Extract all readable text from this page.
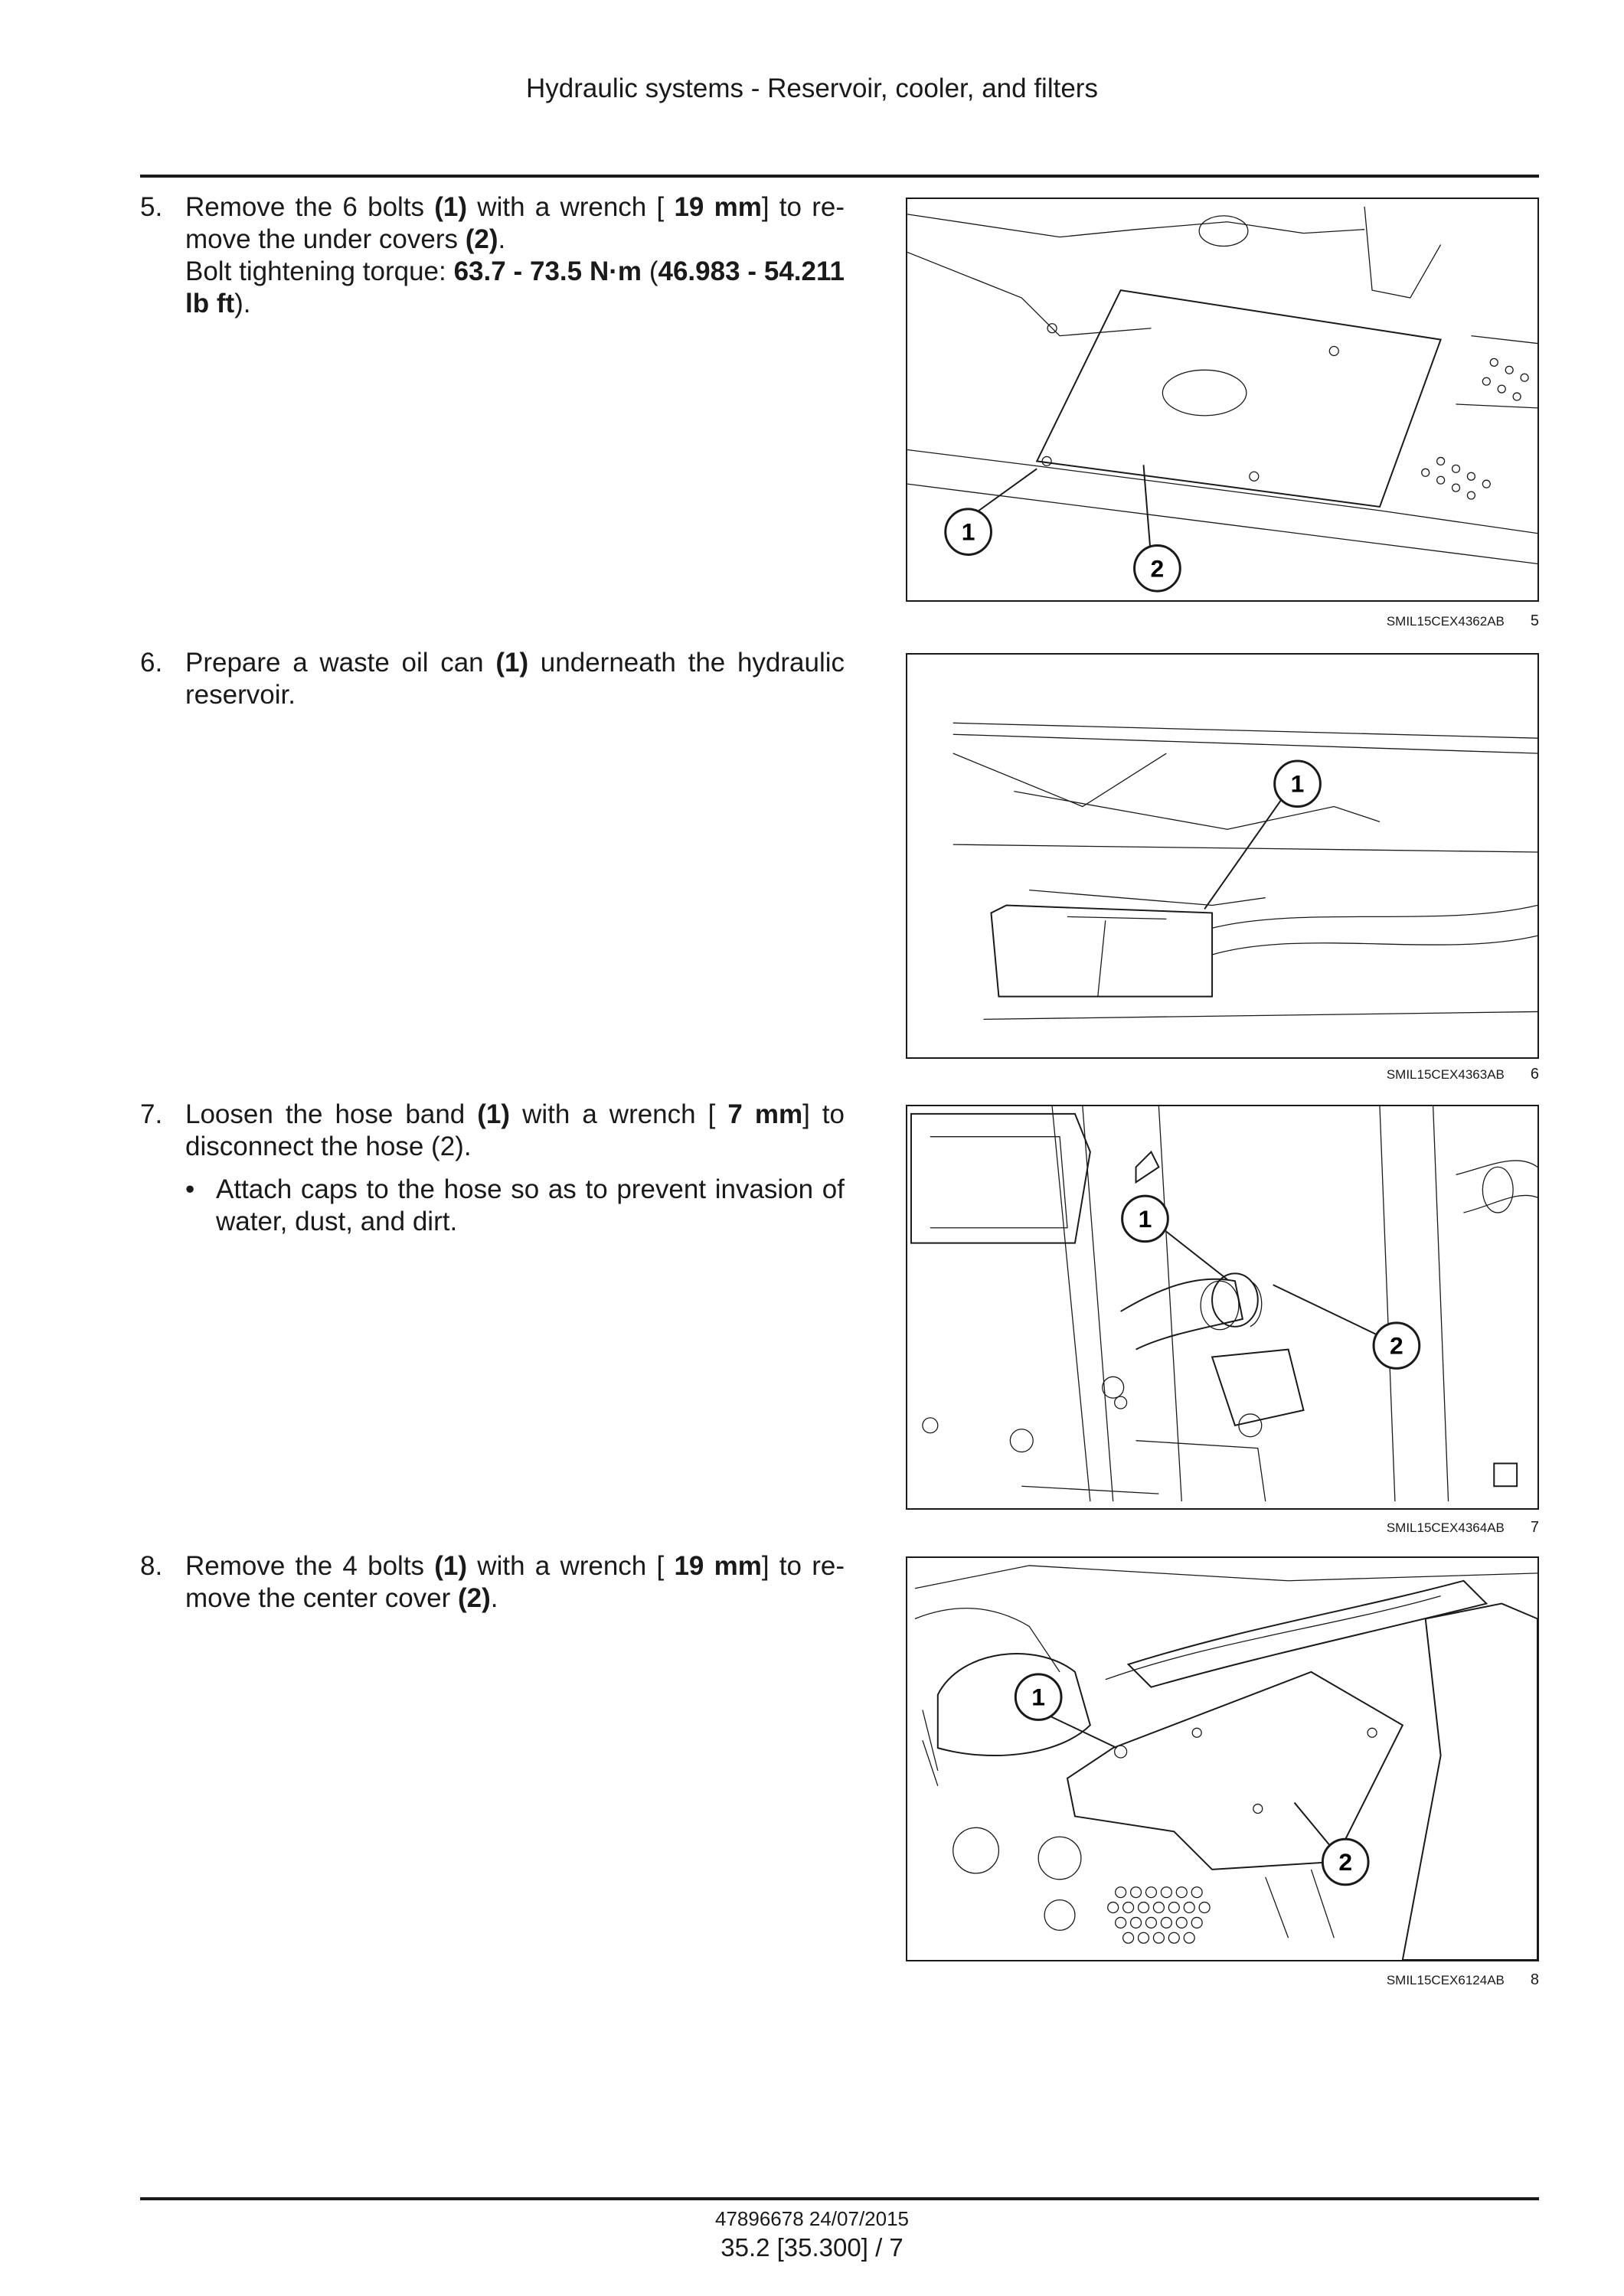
Hydraulic systems - Reservoir, cooler, and filters
5. Remove the 6 bolts (1) with a wrench [ 19 mm] to re-move the under covers (2).

Bolt tightening torque: 63.7 - 73.5 N·m (46.983 - 54.211 lb ft).

1
2
SMIL15CEX4362AB 5
6. Prepare a waste oil can (1) underneath the hydraulic reservoir.

1
SMIL15CEX4363AB 6
7. Loosen the hose band (1) with a wrench [ 7 mm] to disconnect the hose (2).

• Attach caps to the hose so as to prevent invasion of water, dust, and dirt.	1
2
SMIL15CEX4364AB 7
8. Remove the 4 bolts (1) with a wrench [ 19 mm] to re-move the center cover (2).

1
2
SMIL15CEX6124AB 8
47896678 24/07/2015
35.2 [35.300] / 7
